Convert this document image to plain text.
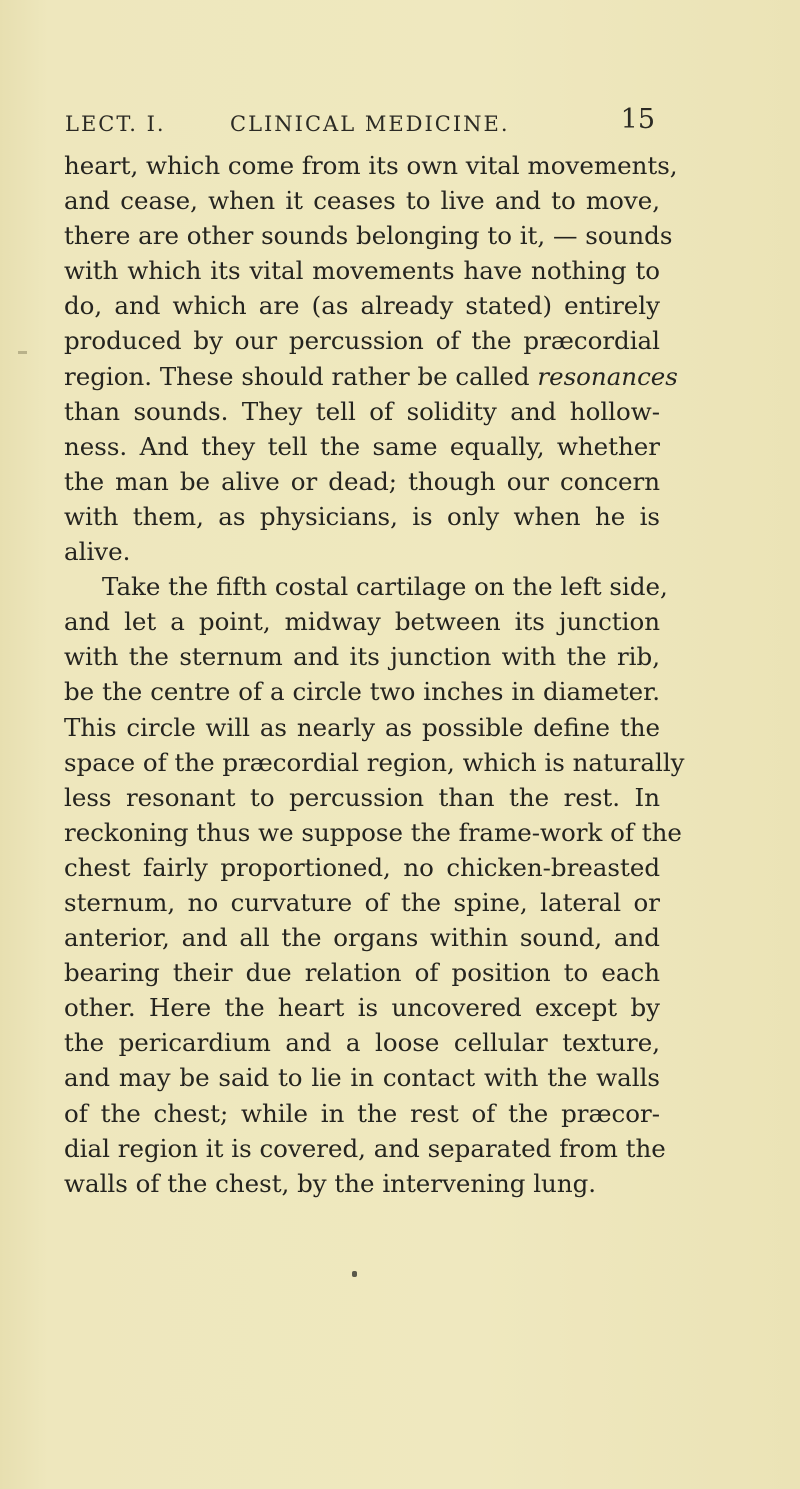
LECT. I.	CLINICAL MEDICINE.	15
heart, which come from its own vital movements,
and cease, when it ceases to live and to move,
there are other sounds belonging to it, — sounds
with which its vital movements have nothing to
do, and which are (as already stated) entirely
produced by our percussion of the præcordial
region. These should rather be called resonances
than sounds. They tell of solidity and hollow-
ness. And they tell the same equally, whether
the man be alive or dead; though our concern
with them, as physicians, is only when he is
alive.
Take the fifth costal cartilage on the left side,
and let a point, midway between its junction
with the sternum and its junction with the rib,
be the centre of a circle two inches in diameter.
This circle will as nearly as possible define the
space of the præcordial region, which is naturally
less resonant to percussion than the rest. In
reckoning thus we suppose the frame-work of the
chest fairly proportioned, no chicken-breasted
sternum, no curvature of the spine, lateral or
anterior, and all the organs within sound, and
bearing their due relation of position to each
other. Here the heart is uncovered except by
the pericardium and a loose cellular texture,
and may be said to lie in contact with the walls
of the chest; while in the rest of the præcor-
dial region it is covered, and separated from the
walls of the chest, by the intervening lung.
